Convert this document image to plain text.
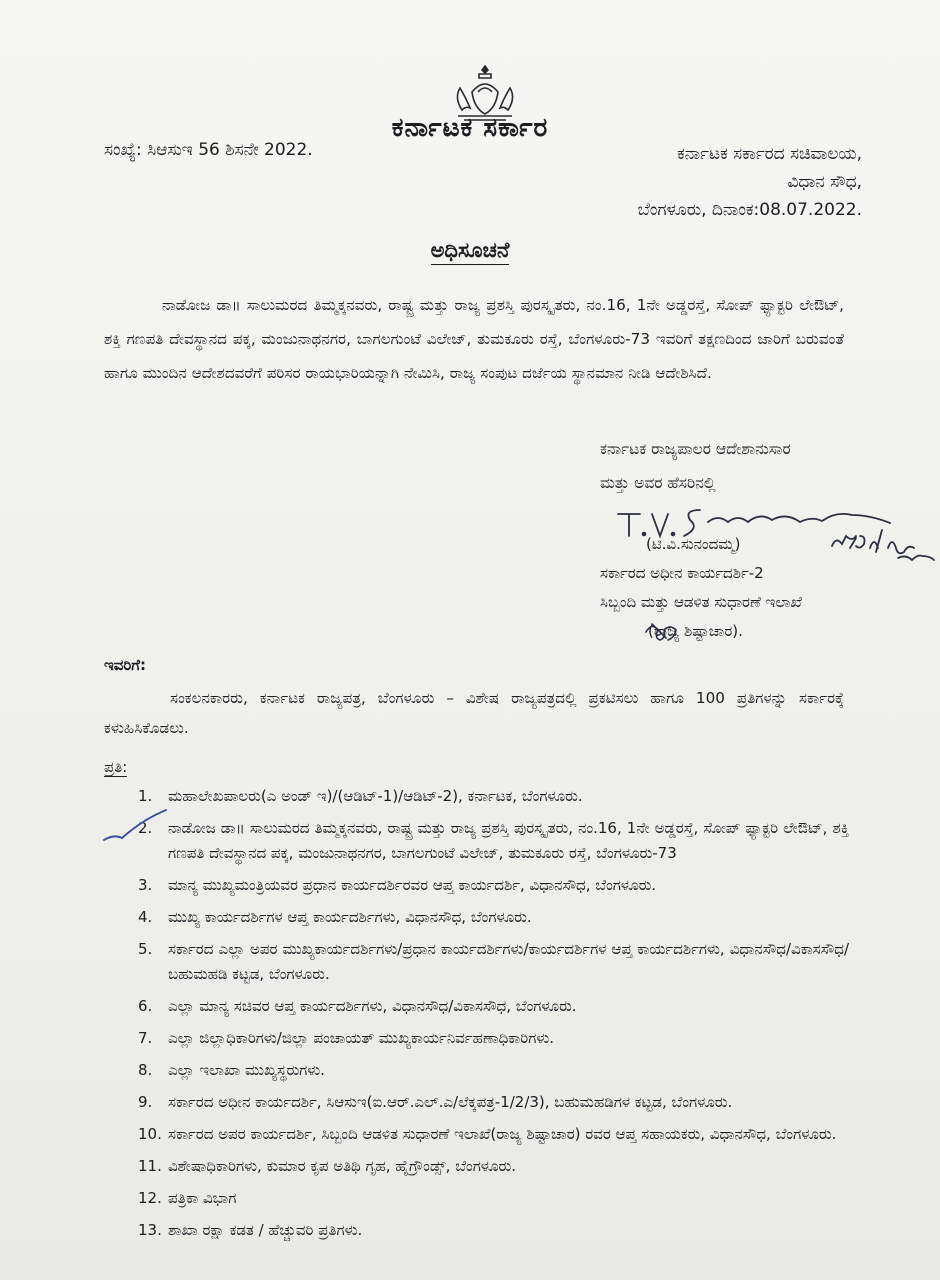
ಕರ್ನಾಟಕ ಸರ್ಕಾರ
ಸಂಖ್ಯೆ: ಸಿಆಸುಇ 56 ಶಿಸನೇ 2022.	ಕರ್ನಾಟಕ ಸರ್ಕಾರದ ಸಚಿವಾಲಯ,
ವಿಧಾನ ಸೌಧ,
ಬೆಂಗಳೂರು, ದಿನಾಂಕ:08.07.2022.
ಅಧಿಸೂಚನೆ
ನಾಡೋಜ ಡಾ॥ ಸಾಲುಮರದ ತಿಮ್ಮಕ್ಕನವರು, ರಾಷ್ಟ್ರ ಮತ್ತು ರಾಜ್ಯ ಪ್ರಶಸ್ತಿ ಪುರಸ್ಕೃತರು, ನಂ.16, 1ನೇ ಅಡ್ಡರಸ್ತೆ, ಸೋಪ್ ಫ್ಯಾಕ್ಟರಿ ಲೇಔಟ್, ಶಕ್ತಿ ಗಣಪತಿ ದೇವಸ್ಥಾನದ ಪಕ್ಕ, ಮಂಜುನಾಥನಗರ, ಬಾಗಲಗುಂಟೆ ವಿಲೇಜ್, ತುಮಕೂರು ರಸ್ತೆ, ಬೆಂಗಳೂರು-73 ಇವರಿಗೆ ತಕ್ಷಣದಿಂದ ಜಾರಿಗೆ ಬರುವಂತೆ ಹಾಗೂ ಮುಂದಿನ ಆದೇಶದವರೆಗೆ ಪರಿಸರ ರಾಯಭಾರಿಯನ್ನಾಗಿ ನೇಮಿಸಿ, ರಾಜ್ಯ ಸಂಪುಟ ದರ್ಜೆಯ ಸ್ಥಾನಮಾನ ನೀಡಿ ಆದೇಶಿಸಿದೆ.
ಕರ್ನಾಟಕ ರಾಜ್ಯಪಾಲರ ಆದೇಶಾನುಸಾರ
ಮತ್ತು ಅವರ ಹೆಸರಿನಲ್ಲಿ
(ಟಿ.ವಿ.ಸುನಂದಮ್ಮ)
ಸರ್ಕಾರದ ಅಧೀನ ಕಾರ್ಯದರ್ಶಿ-2
ಸಿಬ್ಬಂದಿ ಮತ್ತು ಆಡಳಿತ ಸುಧಾರಣೆ ಇಲಾಖೆ
(ರಾಜ್ಯ ಶಿಷ್ಟಾಚಾರ).
ಇವರಿಗೆ:
ಸಂಕಲನಕಾರರು, ಕರ್ನಾಟಕ ರಾಜ್ಯಪತ್ರ, ಬೆಂಗಳೂರು – ವಿಶೇಷ ರಾಜ್ಯಪತ್ರದಲ್ಲಿ ಪ್ರಕಟಿಸಲು ಹಾಗೂ 100 ಪ್ರತಿಗಳನ್ನು ಸರ್ಕಾರಕ್ಕೆ ಕಳುಹಿಸಿಕೊಡಲು.
ಪ್ರತಿ:
1. ಮಹಾಲೇಖಪಾಲರು(ಎ ಅಂಡ್ ಇ)/(ಆಡಿಟ್-1)/ಆಡಿಟ್-2), ಕರ್ನಾಟಕ, ಬೆಂಗಳೂರು.
2. ನಾಡೋಜ ಡಾ॥ ಸಾಲುಮರದ ತಿಮ್ಮಕ್ಕನವರು, ರಾಷ್ಟ್ರ ಮತ್ತು ರಾಜ್ಯ ಪ್ರಶಸ್ತಿ ಪುರಸ್ಕೃತರು, ನಂ.16, 1ನೇ ಅಡ್ಡರಸ್ತೆ, ಸೋಪ್ ಫ್ಯಾಕ್ಟರಿ ಲೇಔಟ್, ಶಕ್ತಿ ಗಣಪತಿ ದೇವಸ್ಥಾನದ ಪಕ್ಕ, ಮಂಜುನಾಥನಗರ, ಬಾಗಲಗುಂಟೆ ವಿಲೇಜ್, ತುಮಕೂರು ರಸ್ತೆ, ಬೆಂಗಳೂರು-73
3. ಮಾನ್ಯ ಮುಖ್ಯಮಂತ್ರಿಯವರ ಪ್ರಧಾನ ಕಾರ್ಯದರ್ಶಿರವರ ಆಪ್ತ ಕಾರ್ಯದರ್ಶಿ, ವಿಧಾನಸೌಧ, ಬೆಂಗಳೂರು.
4. ಮುಖ್ಯ ಕಾರ್ಯದರ್ಶಿಗಳ ಆಪ್ತ ಕಾರ್ಯದರ್ಶಿಗಳು, ವಿಧಾನಸೌಧ, ಬೆಂಗಳೂರು.
5. ಸರ್ಕಾರದ ಎಲ್ಲಾ ಅಪರ ಮುಖ್ಯಕಾರ್ಯದರ್ಶಿಗಳು/ಪ್ರಧಾನ ಕಾರ್ಯದರ್ಶಿಗಳು/ಕಾರ್ಯದರ್ಶಿಗಳ ಆಪ್ತ ಕಾರ್ಯದರ್ಶಿಗಳು, ವಿಧಾನಸೌಧ/ವಿಕಾಸಸೌಧ/ಬಹುಮಹಡಿ ಕಟ್ಟಡ, ಬೆಂಗಳೂರು.
6. ಎಲ್ಲಾ ಮಾನ್ಯ ಸಚಿವರ ಆಪ್ತ ಕಾರ್ಯದರ್ಶಿಗಳು, ವಿಧಾನಸೌಧ/ವಿಕಾಸಸೌಧ, ಬೆಂಗಳೂರು.
7. ಎಲ್ಲಾ ಜಿಲ್ಲಾಧಿಕಾರಿಗಳು/ಜಿಲ್ಲಾ ಪಂಚಾಯತ್ ಮುಖ್ಯಕಾರ್ಯನಿರ್ವಹಣಾಧಿಕಾರಿಗಳು.
8. ಎಲ್ಲಾ ಇಲಾಖಾ ಮುಖ್ಯಸ್ಥರುಗಳು.
9. ಸರ್ಕಾರದ ಅಧೀನ ಕಾರ್ಯದರ್ಶಿ, ಸಿಆಸುಇ(ಐ.ಆರ್.ಎಲ್.ಎ/ಲೆಕ್ಕಪತ್ರ-1/2/3), ಬಹುಮಹಡಿಗಳ ಕಟ್ಟಡ, ಬೆಂಗಳೂರು.
10. ಸರ್ಕಾರದ ಅಪರ ಕಾರ್ಯದರ್ಶಿ, ಸಿಬ್ಬಂದಿ ಆಡಳಿತ ಸುಧಾರಣೆ ಇಲಾಖೆ(ರಾಜ್ಯ ಶಿಷ್ಟಾಚಾರ) ರವರ ಆಪ್ತ ಸಹಾಯಕರು, ವಿಧಾನಸೌಧ, ಬೆಂಗಳೂರು.
11. ವಿಶೇಷಾಧಿಕಾರಿಗಳು, ಕುಮಾರ ಕೃಪ ಅತಿಥಿ ಗೃಹ, ಹೈಗ್ರೌಂಡ್ಸ್, ಬೆಂಗಳೂರು.
12. ಪತ್ರಿಕಾ ವಿಭಾಗ
13. ಶಾಖಾ ರಕ್ಷಾ ಕಡತ / ಹೆಚ್ಚುವರಿ ಪ್ರತಿಗಳು.
